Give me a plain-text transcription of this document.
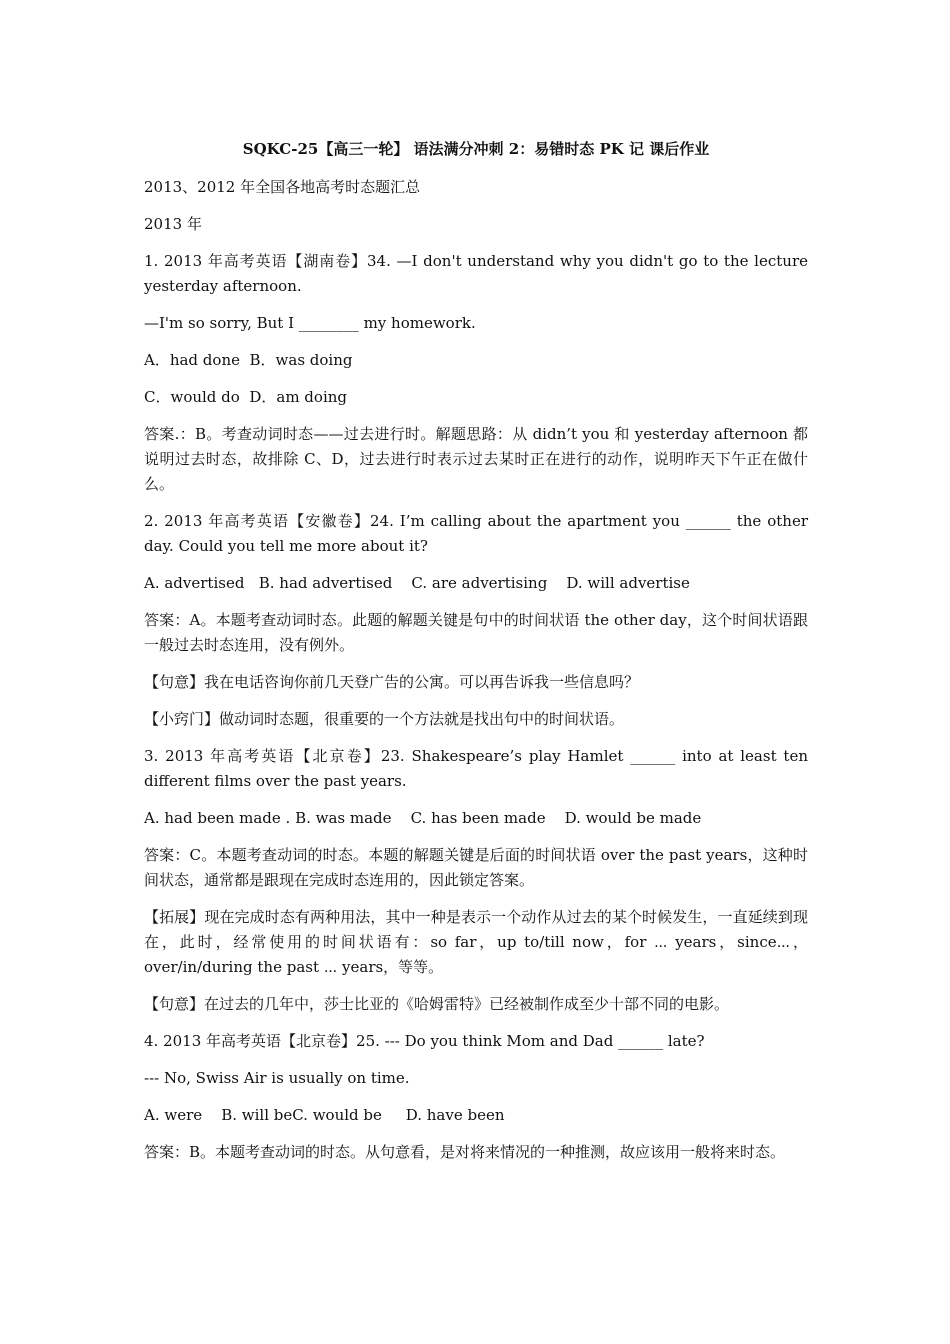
SQKC-25【高三一轮】 语法满分冲刺 2：易错时态 PK 记 课后作业
2013、2012 年全国各地高考时态题汇总
2013 年
1. 2013 年高考英语【湖南卷】34. —I don't understand why you didn't go to the lecture yesterday afternoon.
—I'm so sorry, But I ________ my homework.
A．had done  B．was doing
C．would do  D．am doing
答案.：B。考查动词时态——过去进行时。解题思路：从 didn’t you 和 yesterday afternoon 都说明过去时态，故排除 C、D，过去进行时表示过去某时正在进行的动作，说明昨天下午正在做什么。
2. 2013 年高考英语【安徽卷】24. I’m calling about the apartment you ______ the other day. Could you tell me more about it?
A. advertised   B. had advertised    C. are advertising    D. will advertise
答案：A。本题考查动词时态。此题的解题关键是句中的时间状语 the other day，这个时间状语跟一般过去时态连用，没有例外。
【句意】我在电话咨询你前几天登广告的公寓。可以再告诉我一些信息吗？
【小窍门】做动词时态题，很重要的一个方法就是找出句中的时间状语。
3. 2013 年高考英语【北京卷】23. Shakespeare’s play Hamlet ______ into at least ten different films over the past years.
A. had been made . B. was made    C. has been made    D. would be made
答案：C。本题考查动词的时态。本题的解题关键是后面的时间状语 over the past years，这种时间状态，通常都是跟现在完成时态连用的，因此锁定答案。
【拓展】现在完成时态有两种用法，其中一种是表示一个动作从过去的某个时候发生，一直延续到现在，此时，经常使用的时间状语有：so far，up to/till now，for ⋯ years，since⋯，over/in/during the past ⋯ years，等等。
【句意】在过去的几年中，莎士比亚的《哈姆雷特》已经被制作成至少十部不同的电影。
4. 2013 年高考英语【北京卷】25. --- Do you think Mom and Dad ______ late?
--- No, Swiss Air is usually on time.
A. were    B. will beC. would be     D. have been
答案：B。本题考查动词的时态。从句意看，是对将来情况的一种推测，故应该用一般将来时态。
